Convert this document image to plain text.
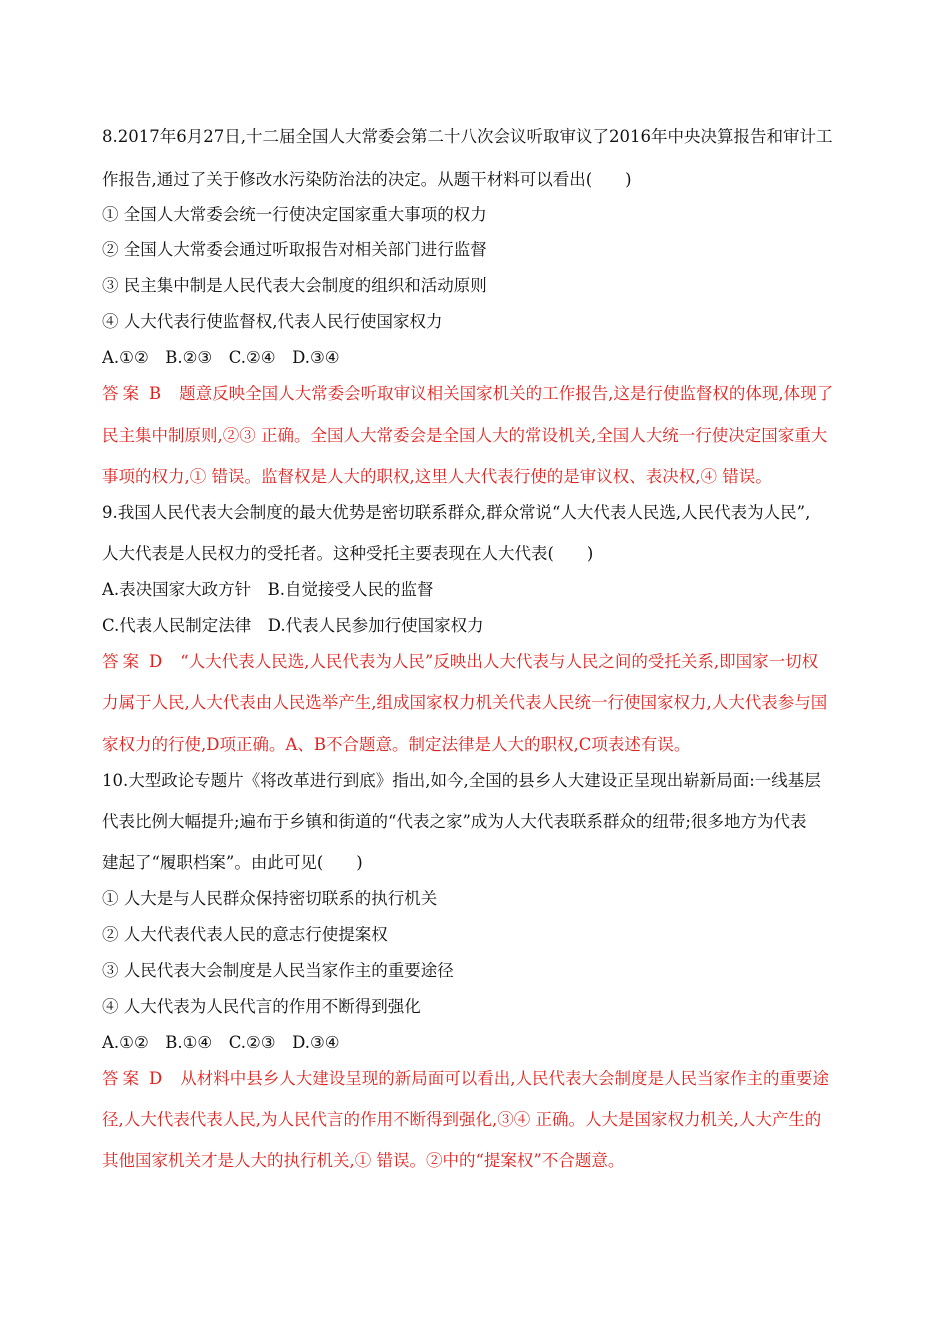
8.2017年6月27日,十二届全国人大常委会第二十八次会议听取审议了2016年中央决算报告和审计工
作报告,通过了关于修改水污染防治法的决定。从题干材料可以看出(　　)
① 全国人大常委会统一行使决定国家重大事项的权力
② 全国人大常委会通过听取报告对相关部门进行监督
③ 民主集中制是人民代表大会制度的组织和活动原则
④ 人大代表行使监督权,代表人民行使国家权力
A.①②　B.②③　C.②④　D.③④
答案 B 题意反映全国人大常委会听取审议相关国家机关的工作报告,这是行使监督权的体现,体现了
民主集中制原则,②③ 正确。全国人大常委会是全国人大的常设机关,全国人大统一行使决定国家重大
事项的权力,① 错误。监督权是人大的职权,这里人大代表行使的是审议权、表决权,④ 错误。
9.我国人民代表大会制度的最大优势是密切联系群众,群众常说“人大代表人民选,人民代表为人民”,
人大代表是人民权力的受托者。这种受托主要表现在人大代表(　　)
A.表决国家大政方针　B.自觉接受人民的监督
C.代表人民制定法律　D.代表人民参加行使国家权力
答案 D “人大代表人民选,人民代表为人民”反映出人大代表与人民之间的受托关系,即国家一切权
力属于人民,人大代表由人民选举产生,组成国家权力机关代表人民统一行使国家权力,人大代表参与国
家权力的行使,D项正确。A、B不合题意。制定法律是人大的职权,C项表述有误。
10.大型政论专题片《将改革进行到底》指出,如今,全国的县乡人大建设正呈现出崭新局面:一线基层
代表比例大幅提升;遍布于乡镇和街道的“代表之家”成为人大代表联系群众的纽带;很多地方为代表
建起了“履职档案”。由此可见(　　)
① 人大是与人民群众保持密切联系的执行机关
② 人大代表代表人民的意志行使提案权
③ 人民代表大会制度是人民当家作主的重要途径
④ 人大代表为人民代言的作用不断得到强化
A.①②　B.①④　C.②③　D.③④
答案 D 从材料中县乡人大建设呈现的新局面可以看出,人民代表大会制度是人民当家作主的重要途
径,人大代表代表人民,为人民代言的作用不断得到强化,③④ 正确。人大是国家权力机关,人大产生的
其他国家机关才是人大的执行机关,① 错误。②中的“提案权”不合题意。
